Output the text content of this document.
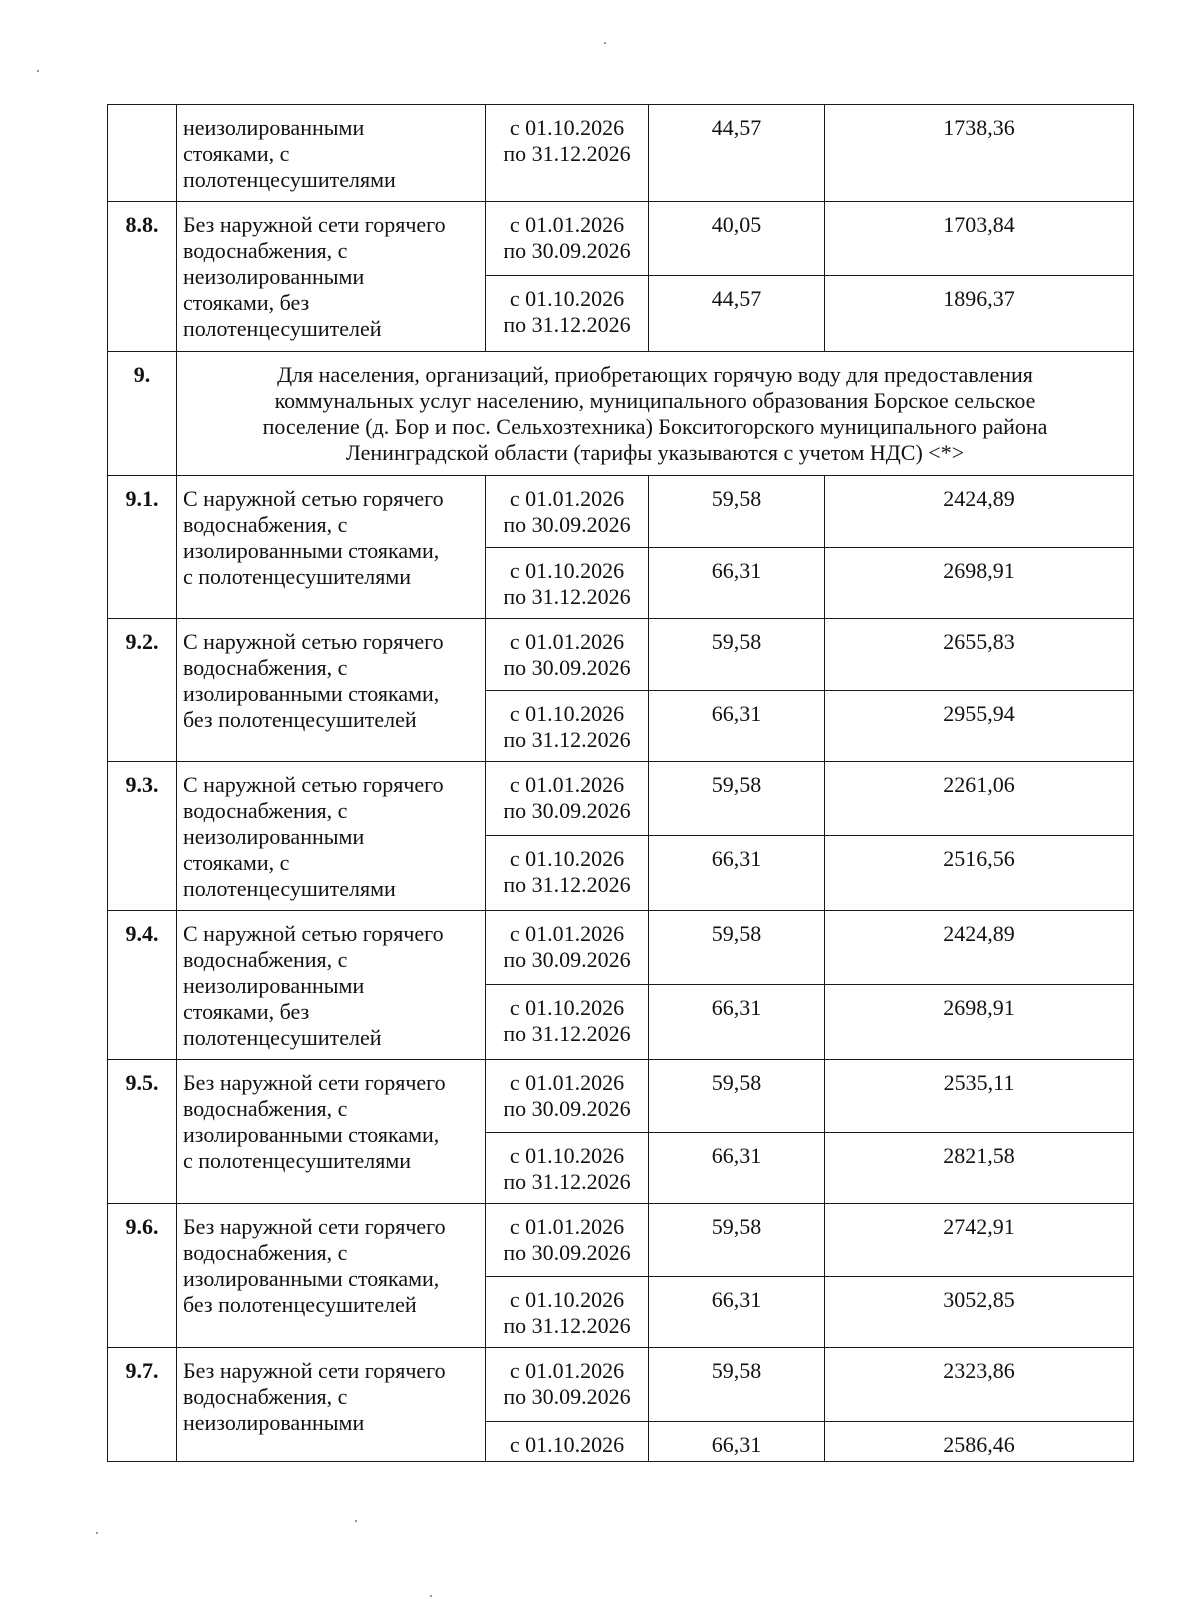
	неизолированными
стояками, с
полотенцесушителями	с 01.10.2026
по 31.12.2026	44,57	1738,36

8.8.	Без наружной сети горячего
водоснабжения, с
неизолированными
стояками, без
полотенцесушителей	с 01.01.2026
по 30.09.2026	40,05	1703,84

		с 01.10.2026
по 31.12.2026	44,57	1896,37

9.	Для населения, организаций, приобретающих горячую воду для предоставления
коммунальных услуг населению, муниципального образования Борское сельское
поселение (д. Бор и пос. Сельхозтехника) Бокситогорского муниципального района
Ленинградской области (тарифы указываются с учетом НДС) <*>			

9.1.	С наружной сетью горячего
водоснабжения, с
изолированными стояками,
с полотенцесушителями	с 01.01.2026
по 30.09.2026	59,58	2424,89

		с 01.10.2026
по 31.12.2026	66,31	2698,91

9.2.	С наружной сетью горячего
водоснабжения, с
изолированными стояками,
без полотенцесушителей	с 01.01.2026
по 30.09.2026	59,58	2655,83

		с 01.10.2026
по 31.12.2026	66,31	2955,94

9.3.	С наружной сетью горячего
водоснабжения, с
неизолированными
стояками, с
полотенцесушителями	с 01.01.2026
по 30.09.2026	59,58	2261,06

		с 01.10.2026
по 31.12.2026	66,31	2516,56

9.4.	С наружной сетью горячего
водоснабжения, с
неизолированными
стояками, без
полотенцесушителей	с 01.01.2026
по 30.09.2026	59,58	2424,89

		с 01.10.2026
по 31.12.2026	66,31	2698,91

9.5.	Без наружной сети горячего
водоснабжения, с
изолированными стояками,
с полотенцесушителями	с 01.01.2026
по 30.09.2026	59,58	2535,11

		с 01.10.2026
по 31.12.2026	66,31	2821,58

9.6.	Без наружной сети горячего
водоснабжения, с
изолированными стояками,
без полотенцесушителей	с 01.01.2026
по 30.09.2026	59,58	2742,91

		с 01.10.2026
по 31.12.2026	66,31	3052,85

9.7.	Без наружной сети горячего
водоснабжения, с
неизолированными	с 01.01.2026
по 30.09.2026	59,58	2323,86

		с 01.10.2026	66,31	2586,46
